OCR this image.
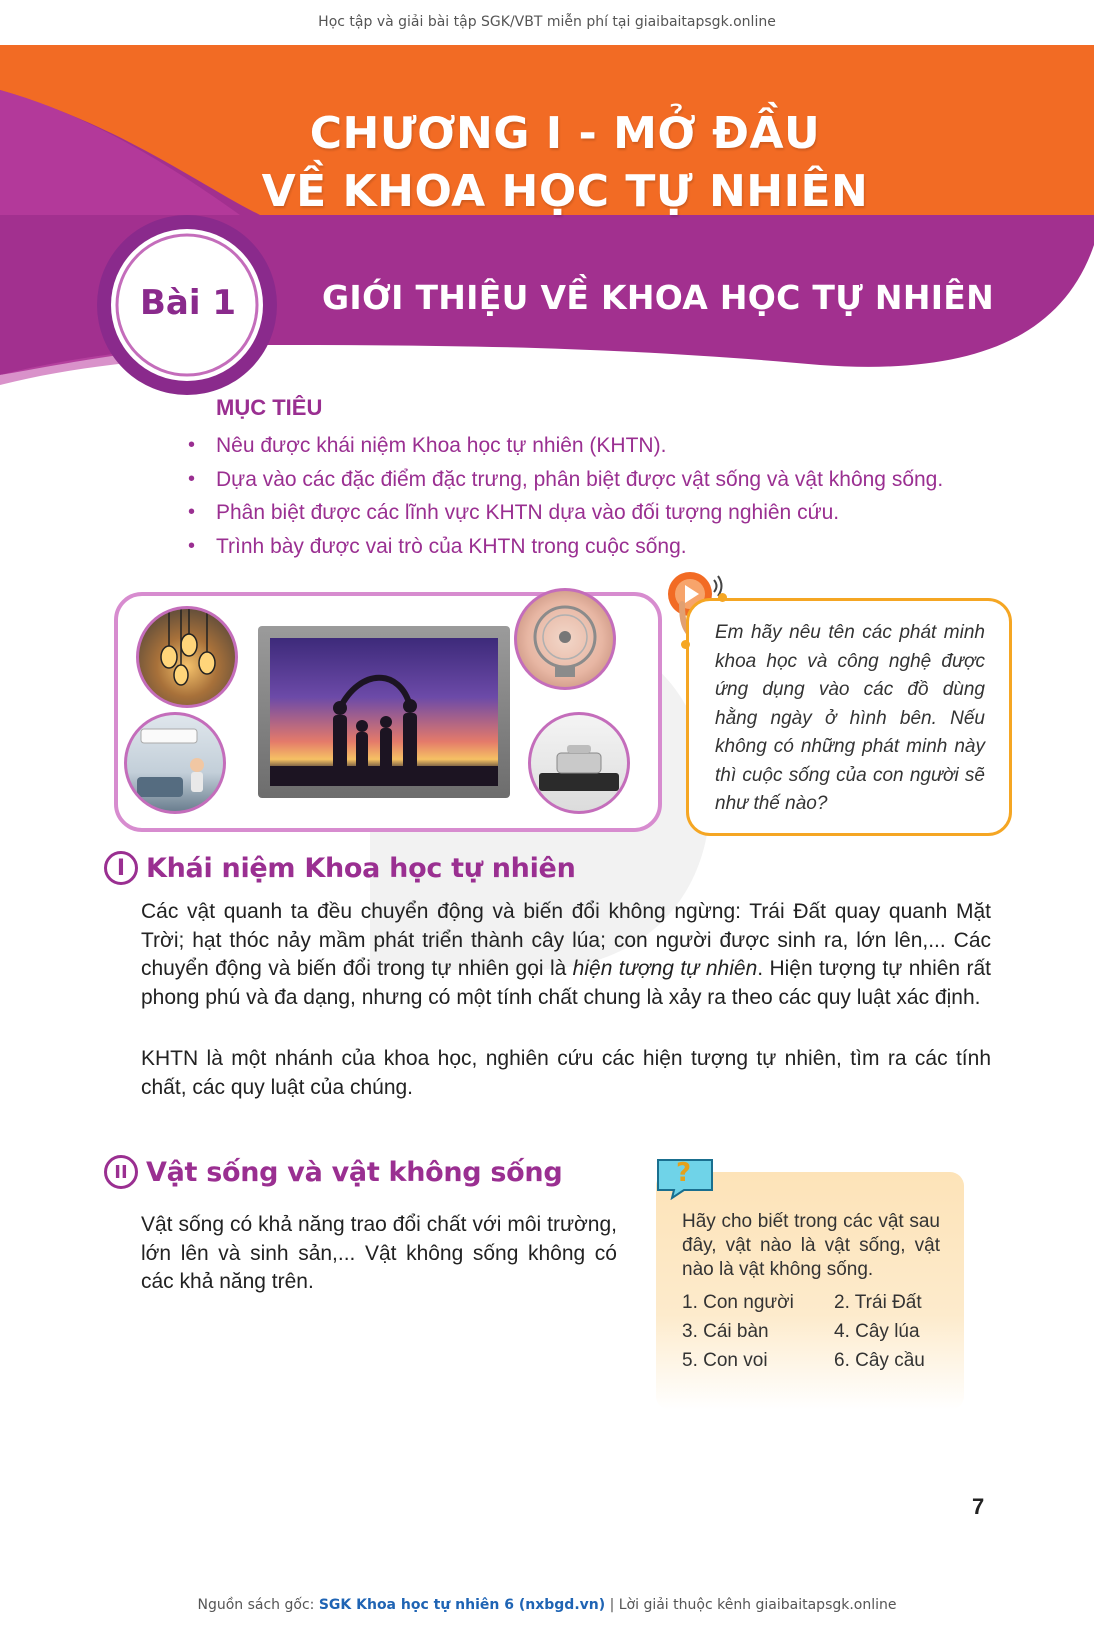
Học tập và giải bài tập SGK/VBT miễn phí tại giaibaitapsgk.online
CHƯƠNG I - MỞ ĐẦU
VỀ KHOA HỌC TỰ NHIÊN
Bài 1	GIỚI THIỆU VỀ KHOA HỌC TỰ NHIÊN
MỤC TIÊU
• Nêu được khái niệm Khoa học tự nhiên (KHTN).
• Dựa vào các đặc điểm đặc trưng, phân biệt được vật sống và vật không sống.
• Phân biệt được các lĩnh vực KHTN dựa vào đối tượng nghiên cứu.
• Trình bày được vai trò của KHTN trong cuộc sống.
Em hãy nêu tên các phát minh khoa học và công nghệ được ứng dụng vào các đồ dùng hằng ngày ở hình bên. Nếu không có những phát minh này thì cuộc sống của con người sẽ như thế nào?
I Khái niệm Khoa học tự nhiên
Các vật quanh ta đều chuyển động và biến đổi không ngừng: Trái Đất quay quanh Mặt Trời; hạt thóc nảy mầm phát triển thành cây lúa; con người được sinh ra, lớn lên,... Các chuyển động và biến đổi trong tự nhiên gọi là hiện tượng tự nhiên. Hiện tượng tự nhiên rất phong phú và đa dạng, nhưng có một tính chất chung là xảy ra theo các quy luật xác định.
KHTN là một nhánh của khoa học, nghiên cứu các hiện tượng tự nhiên, tìm ra các tính chất, các quy luật của chúng.
II Vật sống và vật không sống
Vật sống có khả năng trao đổi chất với môi trường, lớn lên và sinh sản,... Vật không sống không có các khả năng trên.
Hãy cho biết trong các vật sau đây, vật nào là vật sống, vật nào là vật không sống.
1. Con người	2. Trái Đất
3. Cái bàn	4. Cây lúa
5. Con voi	6. Cây cầu
?
7
Nguồn sách gốc: SGK Khoa học tự nhiên 6 (nxbgd.vn) | Lời giải thuộc kênh giaibaitapsgk.online
